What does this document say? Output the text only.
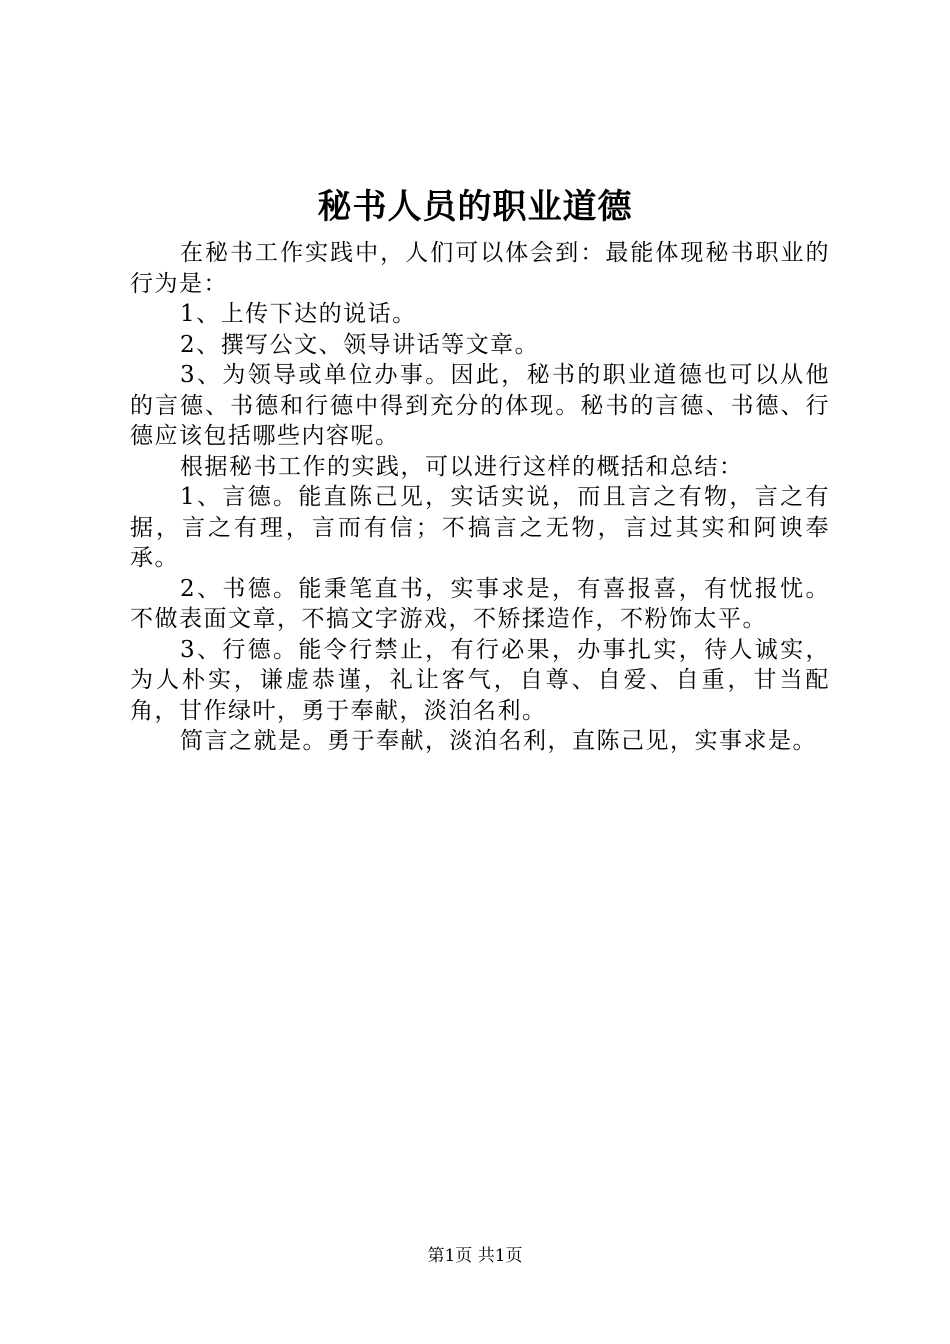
秘书人员的职业道德

在秘书工作实践中，人们可以体会到：最能体现秘书职业的行为是：

1、上传下达的说话。

2、撰写公文、领导讲话等文章。

3、为领导或单位办事。因此，秘书的职业道德也可以从他的言德、书德和行德中得到充分的体现。秘书的言德、书德、行德应该包括哪些内容呢。

根据秘书工作的实践，可以进行这样的概括和总结：

1、言德。能直陈己见，实话实说，而且言之有物，言之有据，言之有理，言而有信；不搞言之无物，言过其实和阿谀奉承。

2、书德。能秉笔直书，实事求是，有喜报喜，有忧报忧。不做表面文章，不搞文字游戏，不矫揉造作，不粉饰太平。

3、行德。能令行禁止，有行必果，办事扎实，待人诚实，为人朴实，谦虚恭谨，礼让客气，自尊、自爱、自重，甘当配角，甘作绿叶，勇于奉献，淡泊名利。

简言之就是。勇于奉献，淡泊名利，直陈己见，实事求是。

第1页 共1页
